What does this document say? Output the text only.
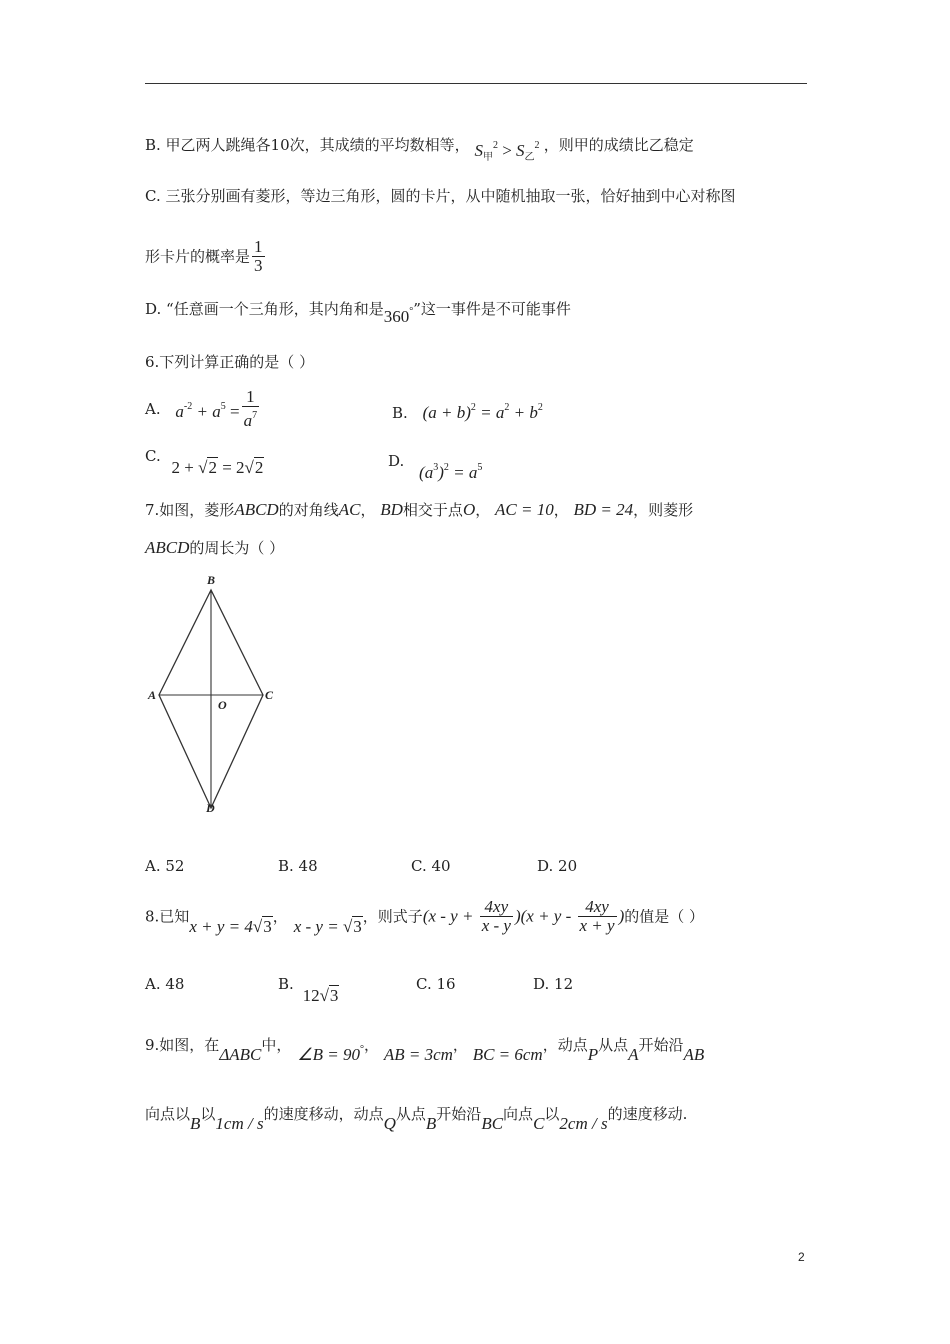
B. 甲乙两人跳绳各10次，其成绩的平均数相等， $S_甲^2 > S_乙^2$ ，则甲的成绩比乙稳定
C. 三张分别画有菱形，等边三角形，圆的卡片，从中随机抽取一张，恰好抽到中心对称图
形卡片的概率是 $\frac{1}{3}$
D. “任意画一个三角形，其内角和是360°”这一事件是不可能事件
6.下列计算正确的是（ ）
A. $a^{-2} + a^5 = \frac{1}{a^7}$	B. $(a + b)^2 = a^2 + b^2$
C. 2 + √2 = 2√2	D. $(a^3)^2 = a^5$
7.如图，菱形ABCD的对角线AC， BD相交于点O， AC = 10， BD = 24，则菱形
ABCD的周长为（ ）
B
A	C
D
O
A. 52	B. 48	C. 40	D. 20
8.已知x + y = 4√3， x - y = √3，则式子$(x - y + \frac{4xy}{x - y} )(x + y - \frac{4xy}{x + y}$ )的值是（ ）
A. 48	B. 12√3
C. 16	D. 12
9.如图，在ΔABC中， ∠B = 90°， AB = 3cm， BC = 6cm，动点P从点A开始沿AB
向点以B以1cm / s的速度移动，动点Q从点B开始沿BC向点C以2cm / s的速度移动.
2
